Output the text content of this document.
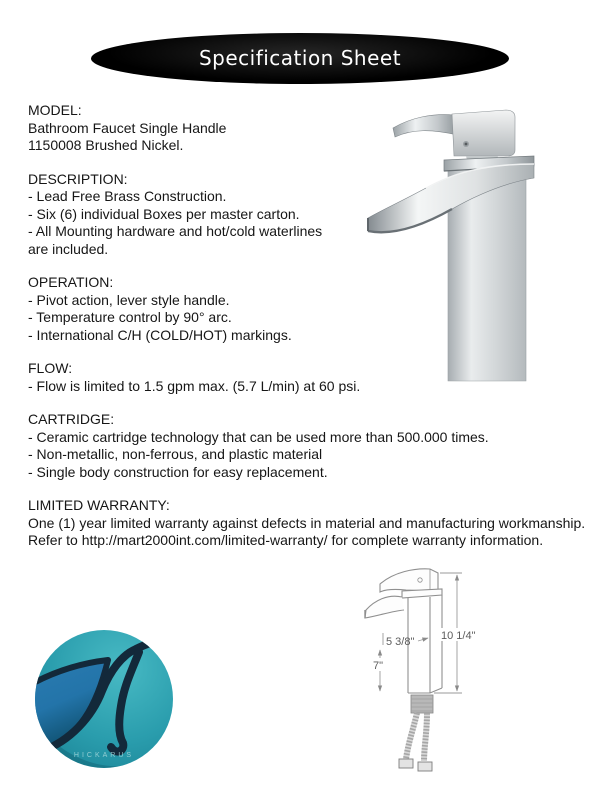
Specification Sheet
MODEL:
Bathroom Faucet Single Handle
1150008 Brushed Nickel.
DESCRIPTION:
- Lead Free Brass Construction.
- Six (6) individual Boxes per master carton.
- All Mounting hardware and hot/cold waterlines
are included.
OPERATION:
- Pivot action, lever style handle.
- Temperature control by 90° arc.
- International C/H (COLD/HOT) markings.
FLOW:
- Flow is limited to 1.5 gpm max. (5.7 L/min) at 60 psi.
CARTRIDGE:
- Ceramic cartridge technology that can be used more than 500.000 times.
- Non-metallic, non-ferrous, and plastic material
- Single body construction for easy replacement.
LIMITED WARRANTY:
One (1) year limited warranty against defects in material and manufacturing workmanship.
Refer to http://mart2000int.com/limited-warranty/ for complete warranty information.
10 1/4"
5 3/8"
7"
HICKARUS
